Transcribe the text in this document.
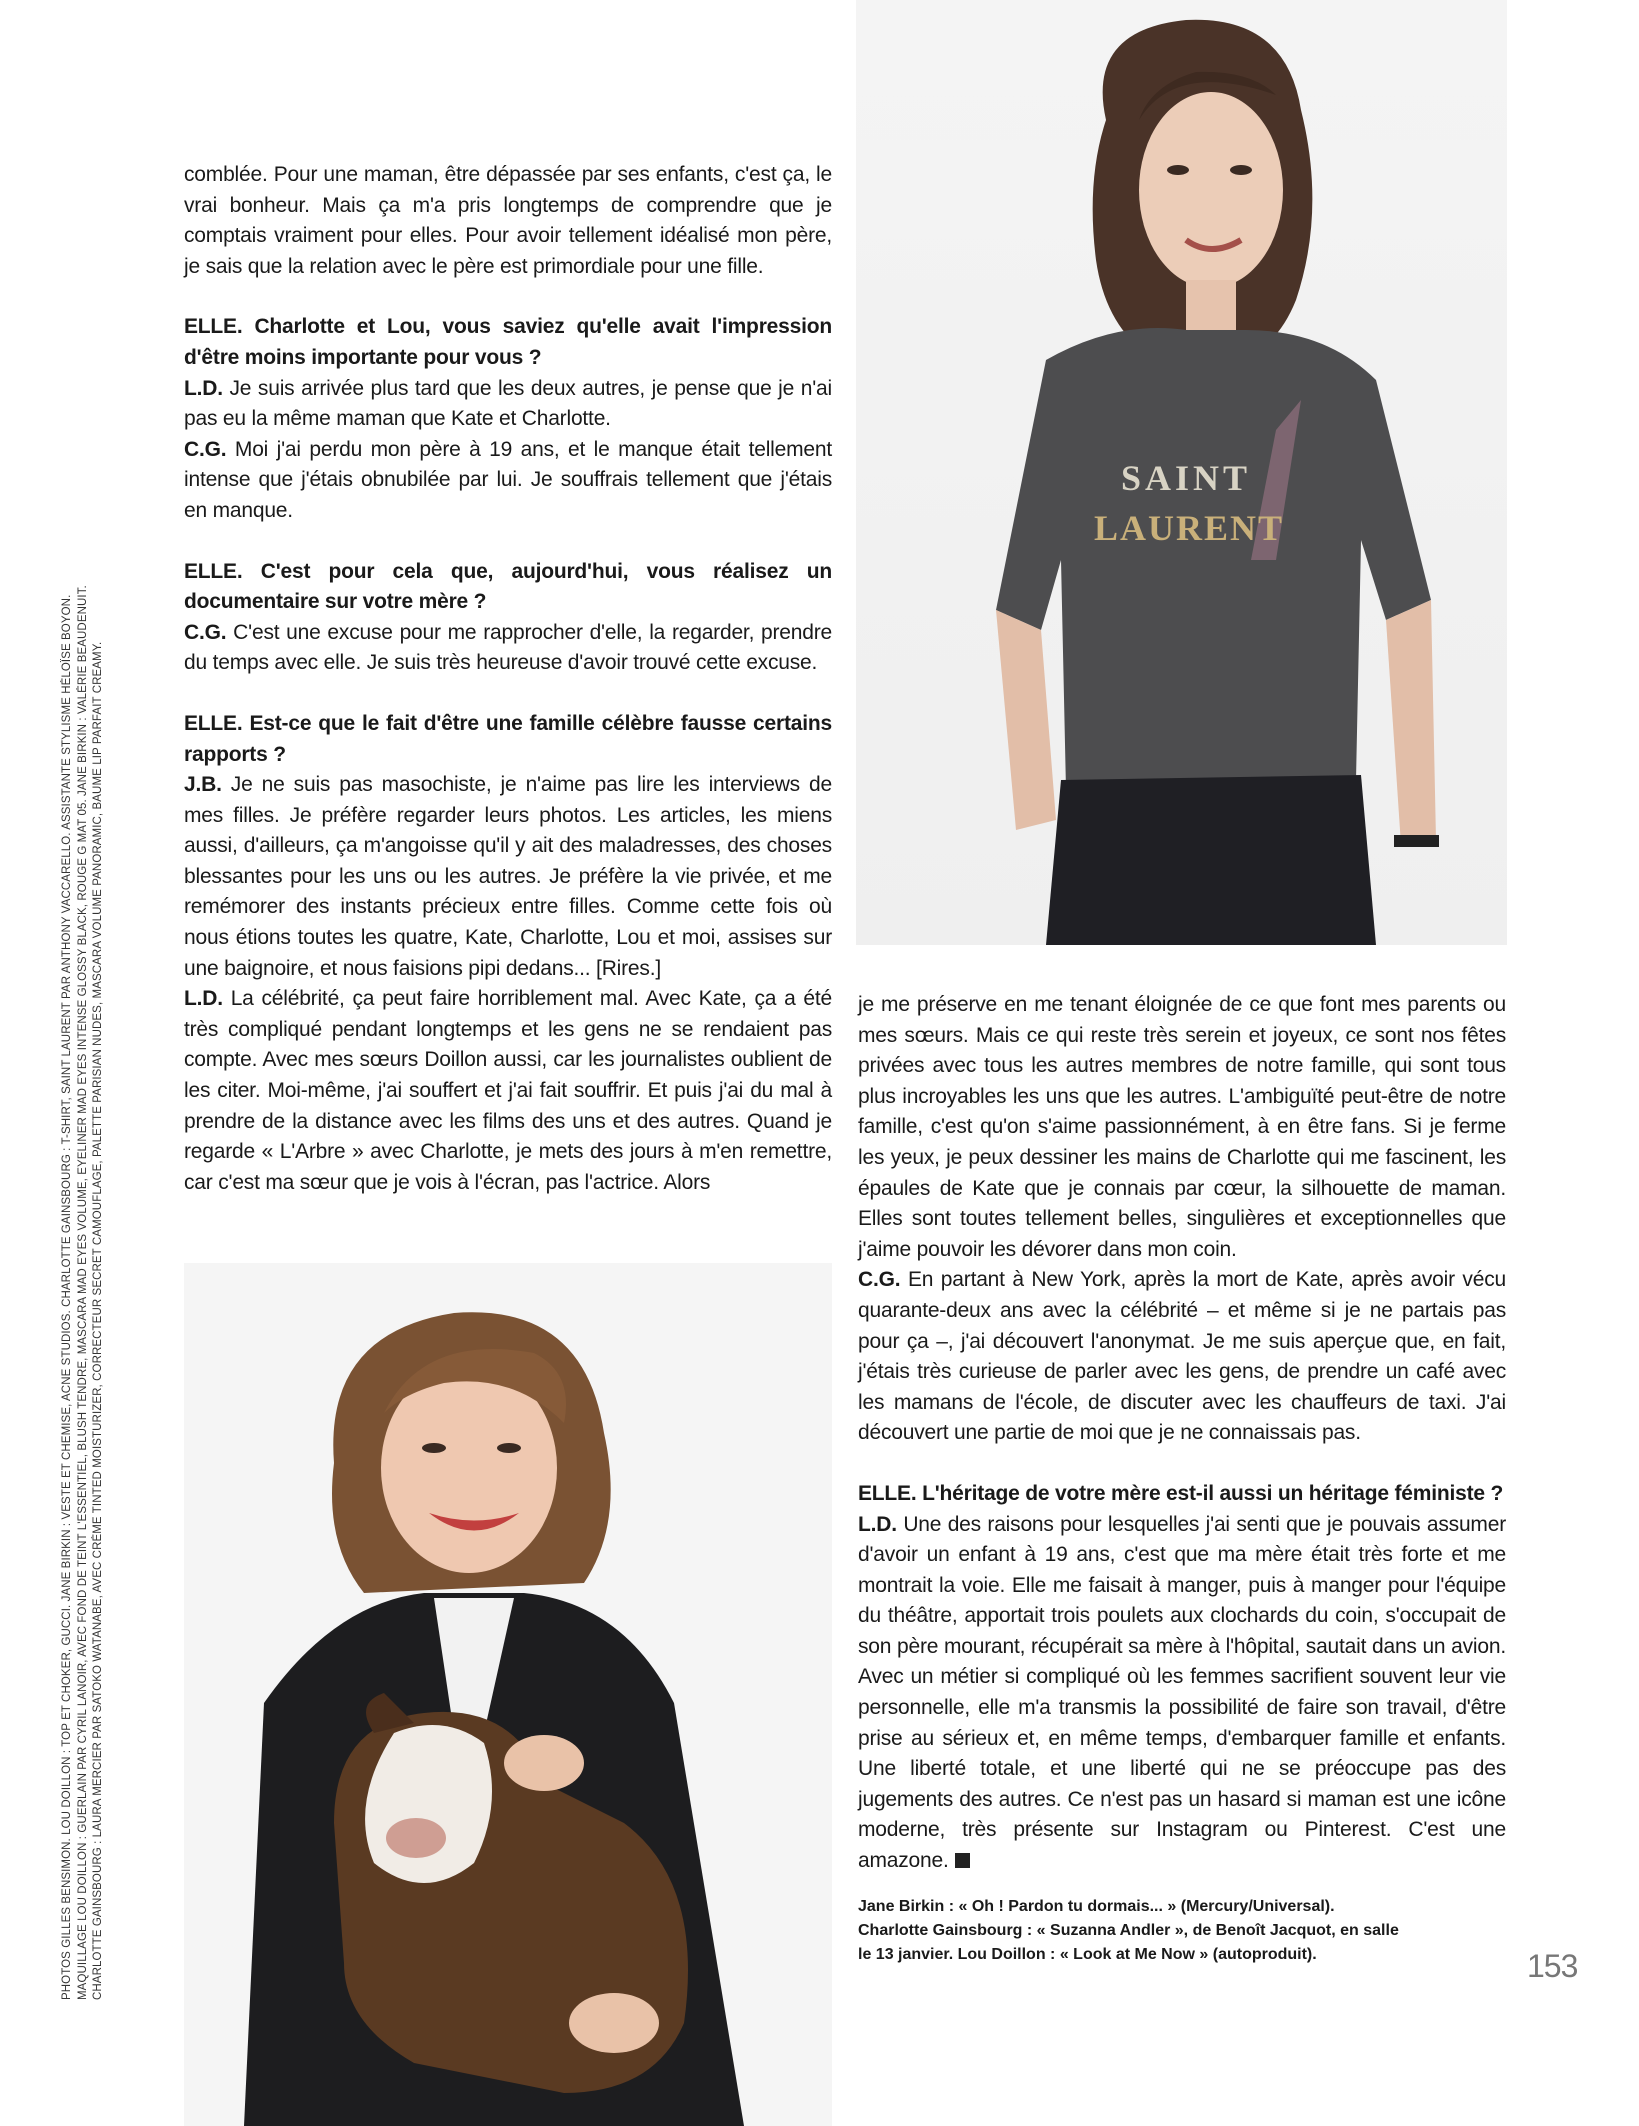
PHOTOS GILLES BENSIMON. LOU DOILLON : TOP ET CHOKER, GUCCI. JANE BIRKIN : VESTE ET CHEMISE, ACNE STUDIOS. CHARLOTTE GAINSBOURG : T-SHIRT, SAINT LAURENT PAR ANTHONY VACCARELLO. ASSISTANTE STYLISME HÉLOÏSE BOYON. MAQUILLAGE LOU DOILLON : GUERLAIN PAR CYRIL LANOIR, AVEC FOND DE TEINT L'ESSENTIEL, BLUSH TENDRE, MASCARA MAD EYES VOLUME, EYELINER MAD EYES INTENSE GLOSSY BLACK, ROUGE G MAT 05. JANE BIRKIN : VALÉRIE BEAUDENUIT. CHARLOTTE GAINSBOURG : LAURA MERCIER PAR SATOKO WATANABE, AVEC CRÈME TINTED MOISTURIZER, CORRECTEUR SECRET CAMOUFLAGE, PALETTE PARISIAN NUDES, MASCARA VOLUME PANORAMIC, BAUME LIP PARFAIT CREAMY.
SAINT
LAURENT

comblée. Pour une maman, être dépassée par ses enfants, c'est ça, le vrai bonheur. Mais ça m'a pris longtemps de comprendre que je comptais vraiment pour elles. Pour avoir tellement idéalisé mon père, je sais que la relation avec le père est primordiale pour une fille.

ELLE. Charlotte et Lou, vous saviez qu'elle avait l'impression d'être moins importante pour vous ?

L.D. Je suis arrivée plus tard que les deux autres, je pense que je n'ai pas eu la même maman que Kate et Charlotte.

C.G. Moi j'ai perdu mon père à 19 ans, et le manque était tellement intense que j'étais obnubilée par lui. Je souffrais tellement que j'étais en manque.

ELLE. C'est pour cela que, aujourd'hui, vous réalisez un documentaire sur votre mère ?

C.G. C'est une excuse pour me rapprocher d'elle, la regarder, prendre du temps avec elle. Je suis très heureuse d'avoir trouvé cette excuse.

ELLE. Est-ce que le fait d'être une famille célèbre fausse certains rapports ?

J.B. Je ne suis pas masochiste, je n'aime pas lire les interviews de mes filles. Je préfère regarder leurs photos. Les articles, les miens aussi, d'ailleurs, ça m'angoisse qu'il y ait des maladresses, des choses blessantes pour les uns ou les autres. Je préfère la vie privée, et me remémorer des instants précieux entre filles. Comme cette fois où nous étions toutes les quatre, Kate, Charlotte, Lou et moi, assises sur une baignoire, et nous faisions pipi dedans... [Rires.]

L.D. La célébrité, ça peut faire horriblement mal. Avec Kate, ça a été très compliqué pendant longtemps et les gens ne se rendaient pas compte. Avec mes sœurs Doillon aussi, car les journalistes oublient de les citer. Moi-même, j'ai souffert et j'ai fait souffrir. Et puis j'ai du mal à prendre de la distance avec les films des uns et des autres. Quand je regarde « L'Arbre » avec Charlotte, je mets des jours à m'en remettre, car c'est ma sœur que je vois à l'écran, pas l'actrice. Alors

je me préserve en me tenant éloignée de ce que font mes parents ou mes sœurs. Mais ce qui reste très serein et joyeux, ce sont nos fêtes privées avec tous les autres membres de notre famille, qui sont tous plus incroyables les uns que les autres. L'ambiguïté peut-être de notre famille, c'est qu'on s'aime passionnément, à en être fans. Si je ferme les yeux, je peux dessiner les mains de Charlotte qui me fascinent, les épaules de Kate que je connais par cœur, la silhouette de maman. Elles sont toutes tellement belles, singulières et exceptionnelles que j'aime pouvoir les dévorer dans mon coin.

C.G. En partant à New York, après la mort de Kate, après avoir vécu quarante-deux ans avec la célébrité – et même si je ne partais pas pour ça –, j'ai découvert l'anonymat. Je me suis aperçue que, en fait, j'étais très curieuse de parler avec les gens, de prendre un café avec les mamans de l'école, de discuter avec les chauffeurs de taxi. J'ai découvert une partie de moi que je ne connaissais pas.

ELLE. L'héritage de votre mère est-il aussi un héritage féministe ?

L.D. Une des raisons pour lesquelles j'ai senti que je pouvais assumer d'avoir un enfant à 19 ans, c'est que ma mère était très forte et me montrait la voie. Elle me faisait à manger, puis à manger pour l'équipe du théâtre, apportait trois poulets aux clochards du coin, s'occupait de son père mourant, récupérait sa mère à l'hôpital, sautait dans un avion. Avec un métier si compliqué où les femmes sacrifient souvent leur vie personnelle, elle m'a transmis la possibilité de faire son travail, d'être prise au sérieux et, en même temps, d'embarquer famille et enfants. Une liberté totale, et une liberté qui ne se préoccupe pas des jugements des autres. Ce n'est pas un hasard si maman est une icône moderne, très présente sur Instagram ou Pinterest. C'est une amazone.

Jane Birkin : « Oh ! Pardon tu dormais... » (Mercury/Universal).
Charlotte Gainsbourg : « Suzanna Andler », de Benoît Jacquot, en salle
le 13 janvier. Lou Doillon : « Look at Me Now » (autoproduit).	153
